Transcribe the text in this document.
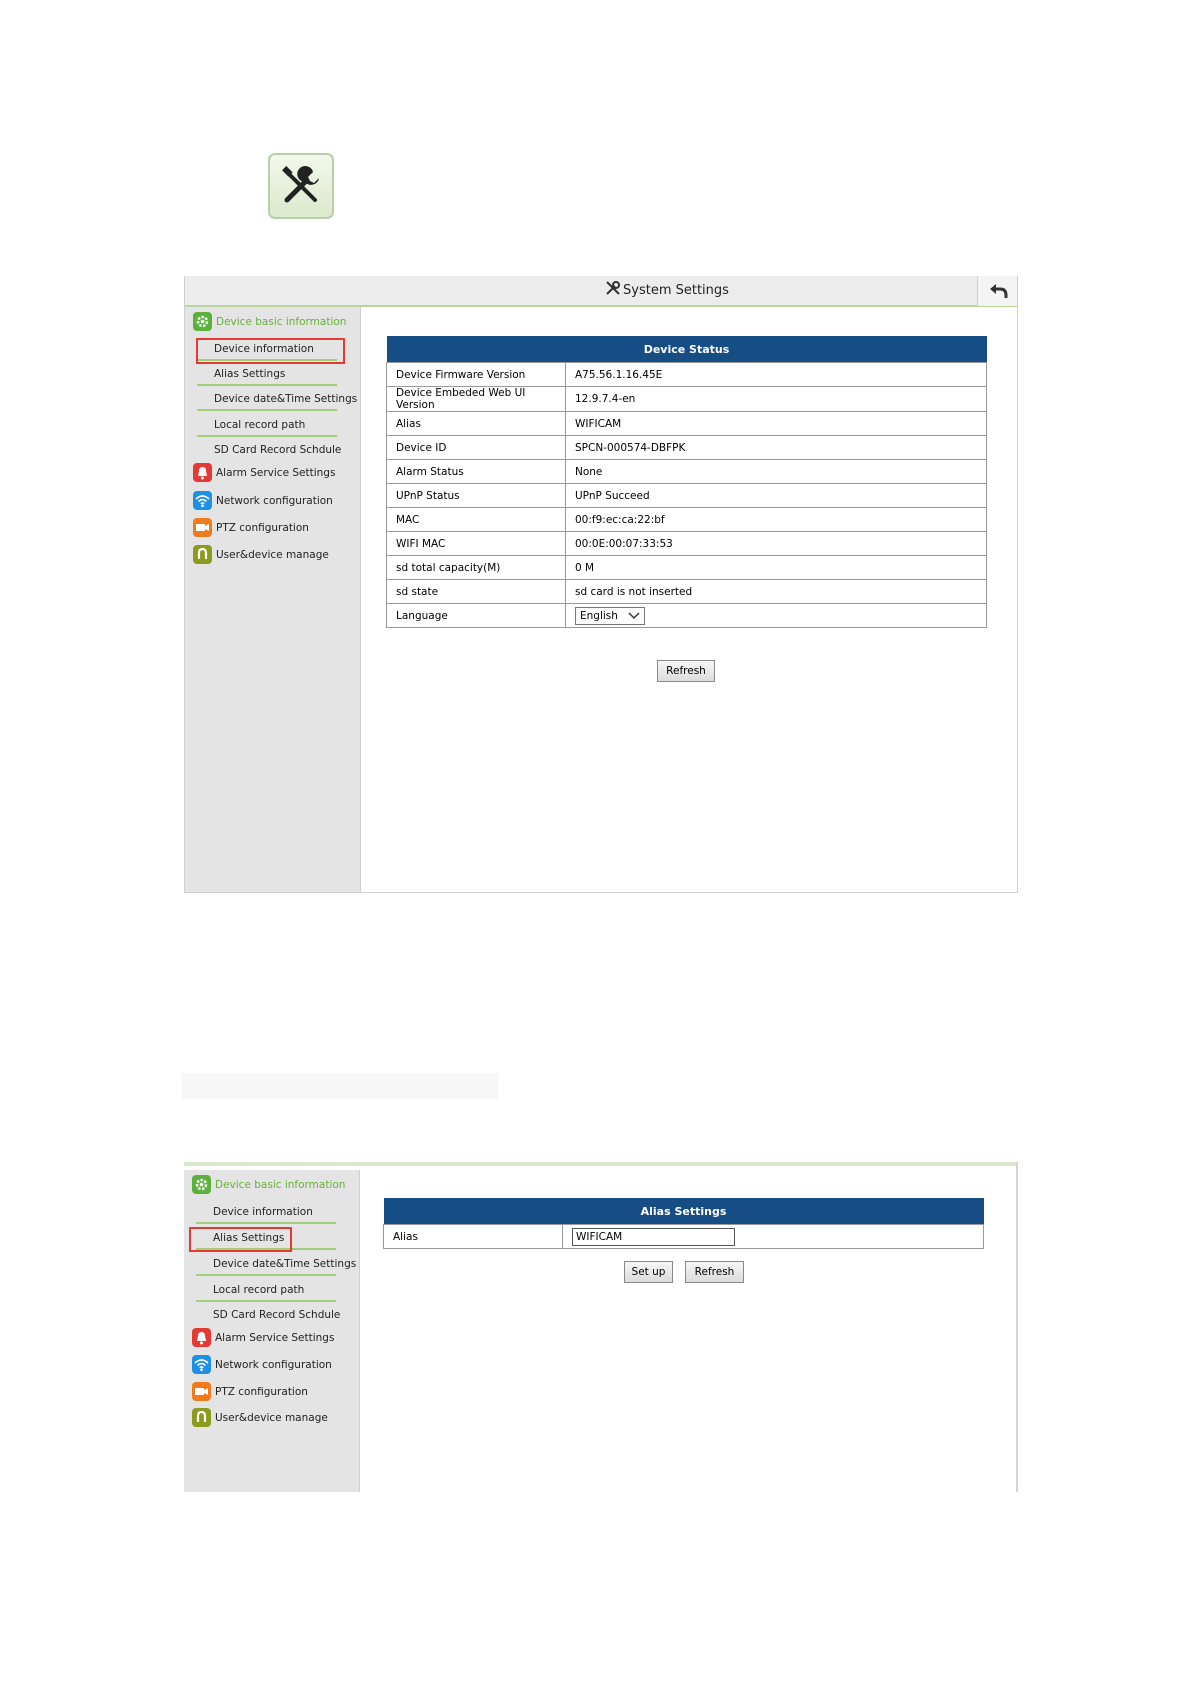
System Settings
Device basic information
Device information
Alias Settings
Device date&Time Settings
Local record path
SD Card Record Schdule
Alarm Service Settings
Network configuration
PTZ configuration
User&device manage
Device Status	
Device Firmware Version	A75.56.1.16.45E
Device Embeded Web UI Version	12.9.7.4-en
Alias	WIFICAM
Device ID	SPCN-000574-DBFPK
Alarm Status	None
UPnP Status	UPnP Succeed
MAC	00:f9:ec:ca:22:bf
WIFI MAC	00:0E:00:07:33:53
sd total capacity(M)	0 M
sd state	sd card is not inserted
Language	English
Refresh
Device basic information
Device information
Alias Settings
Device date&Time Settings
Local record path
SD Card Record Schdule
Alarm Service Settings
Network configuration
PTZ configuration
User&device manage
Alias Settings
Alias	WIFICAM
Set up	Refresh
